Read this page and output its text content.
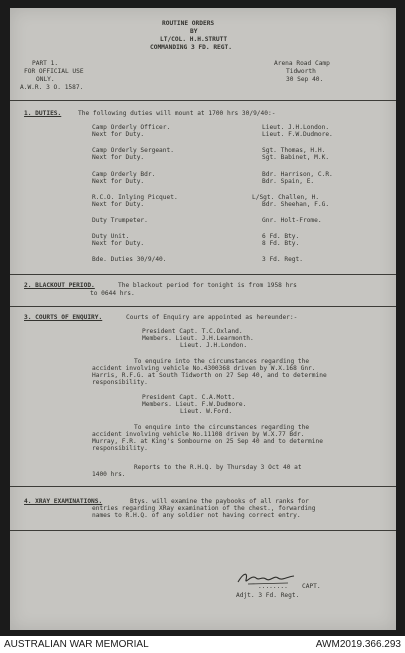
ROUTINE ORDERS
BY
LT/COL. H.H.STRUTT
COMMANDING 3 FD. REGT.
PART 1.
FOR OFFICIAL USE
ONLY.
A.W.R. 3 O. 1587.
Arena Road Camp
Tidworth
30 Sep 40.
1. DUTIES.	The following duties will mount at 1700 hrs 30/9/40:-
Camp Orderly Officer.	Lieut. J.H.London.
Next for Duty.	Lieut. F.W.Dudmore.
Camp Orderly Sergeant.	Sgt. Thomas, H.H.
Next for Duty.	Sgt. Babinet, M.K.
Camp Orderly Bdr.	Bdr. Harrison, C.R.
Next for Duty.	Bdr. Spain, E.
R.C.O. Inlying Picquet.	L/Sgt. Challen, H.
Next for Duty.	Bdr. Sheehan, F.G.
Duty Trumpeter.	Gnr. Holt-Frome.
Duty Unit.	6 Fd. Bty.
Next for Duty.	8 Fd. Bty.
Bde. Duties 30/9/40.	3 Fd. Regt.
2. BLACKOUT PERIOD.	The blackout period for tonight is from 1958 hrs
to 0644 hrs.
3. COURTS OF ENQUIRY.	Courts of Enquiry are appointed as hereunder:-
President Capt. T.C.Oxland.
Members. Lieut. J.H.Learmonth.
Lieut. J.H.London.
To enquire into the circumstances regarding the
accident involving vehicle No.4300368 driven by W.X.168 Gnr.
Harris, R.F.G. at South Tidworth on 27 Sep 40, and to determine
responsibility.
President Capt. C.A.Mott.
Members. Lieut. F.W.Dudmore.
Lieut. W.Ford.
To enquire into the circumstances regarding the
accident involving vehicle No.11108 driven by W.X.77 Bdr.
Murray, F.R. at King's Sombourne on 25 Sep 40 and to determine
responsibility.
Reports to the R.H.Q. by Thursday 3 Oct 40 at
1400 hrs.
4. XRAY EXAMINATIONS.	Btys. will examine the paybooks of all ranks for
entries regarding XRay examination of the chest., forwarding
names to R.H.Q. of any soldier not having correct entry.
........ CAPT.
Adjt. 3 Fd. Regt.
AUSTRALIAN WAR MEMORIAL	AWM2019.366.293
